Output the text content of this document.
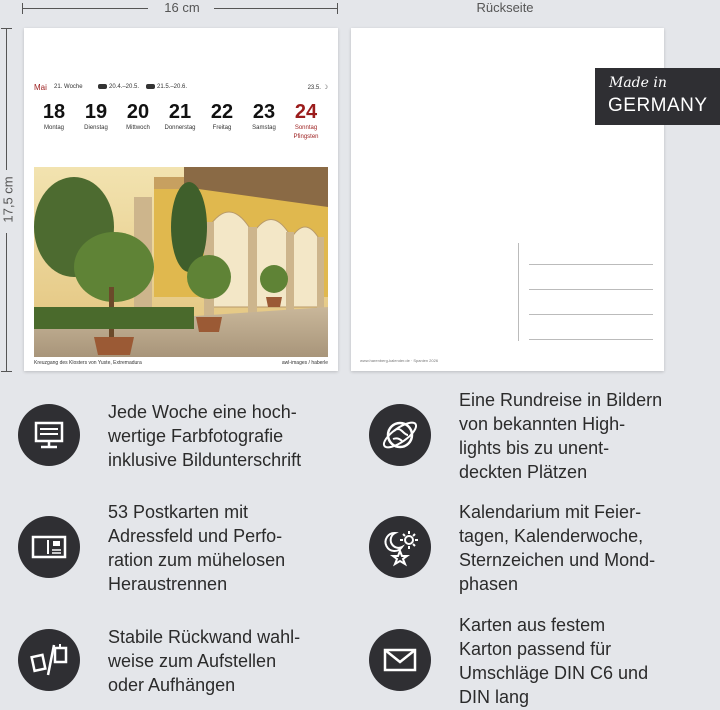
16 cm
17,5 cm
Rückseite
Mai 21. Woche	20.4.–20.5.	21.5.–20.6.	23.5. ☽
18
Montag
19
Dienstag
20
Mittwoch
21
Donnerstag
22
Freitag
23
Samstag
24
Sonntag
Pfingsten
Kreuzgang des Klosters von Yuste, Extremadura	awl-images / haberle	www.harenberg-kalender.de · Spanien 2026
Made in
GERMANY
Jede Woche eine hoch-
wertige Farbfotografie
inklusive Bildunterschrift
Eine Rundreise in Bildern
von bekannten High-
lights bis zu unent-
deckten Plätzen
53 Postkarten mit
Adressfeld und Perfo-
ration zum mühelosen
Heraustrennen
Kalendarium mit Feier-
tagen, Kalenderwoche,
Sternzeichen und Mond-
phasen
Stabile Rückwand wahl-
weise zum Aufstellen
oder Aufhängen
Karten aus festem
Karton passend für
Umschläge DIN C6 und
DIN lang
